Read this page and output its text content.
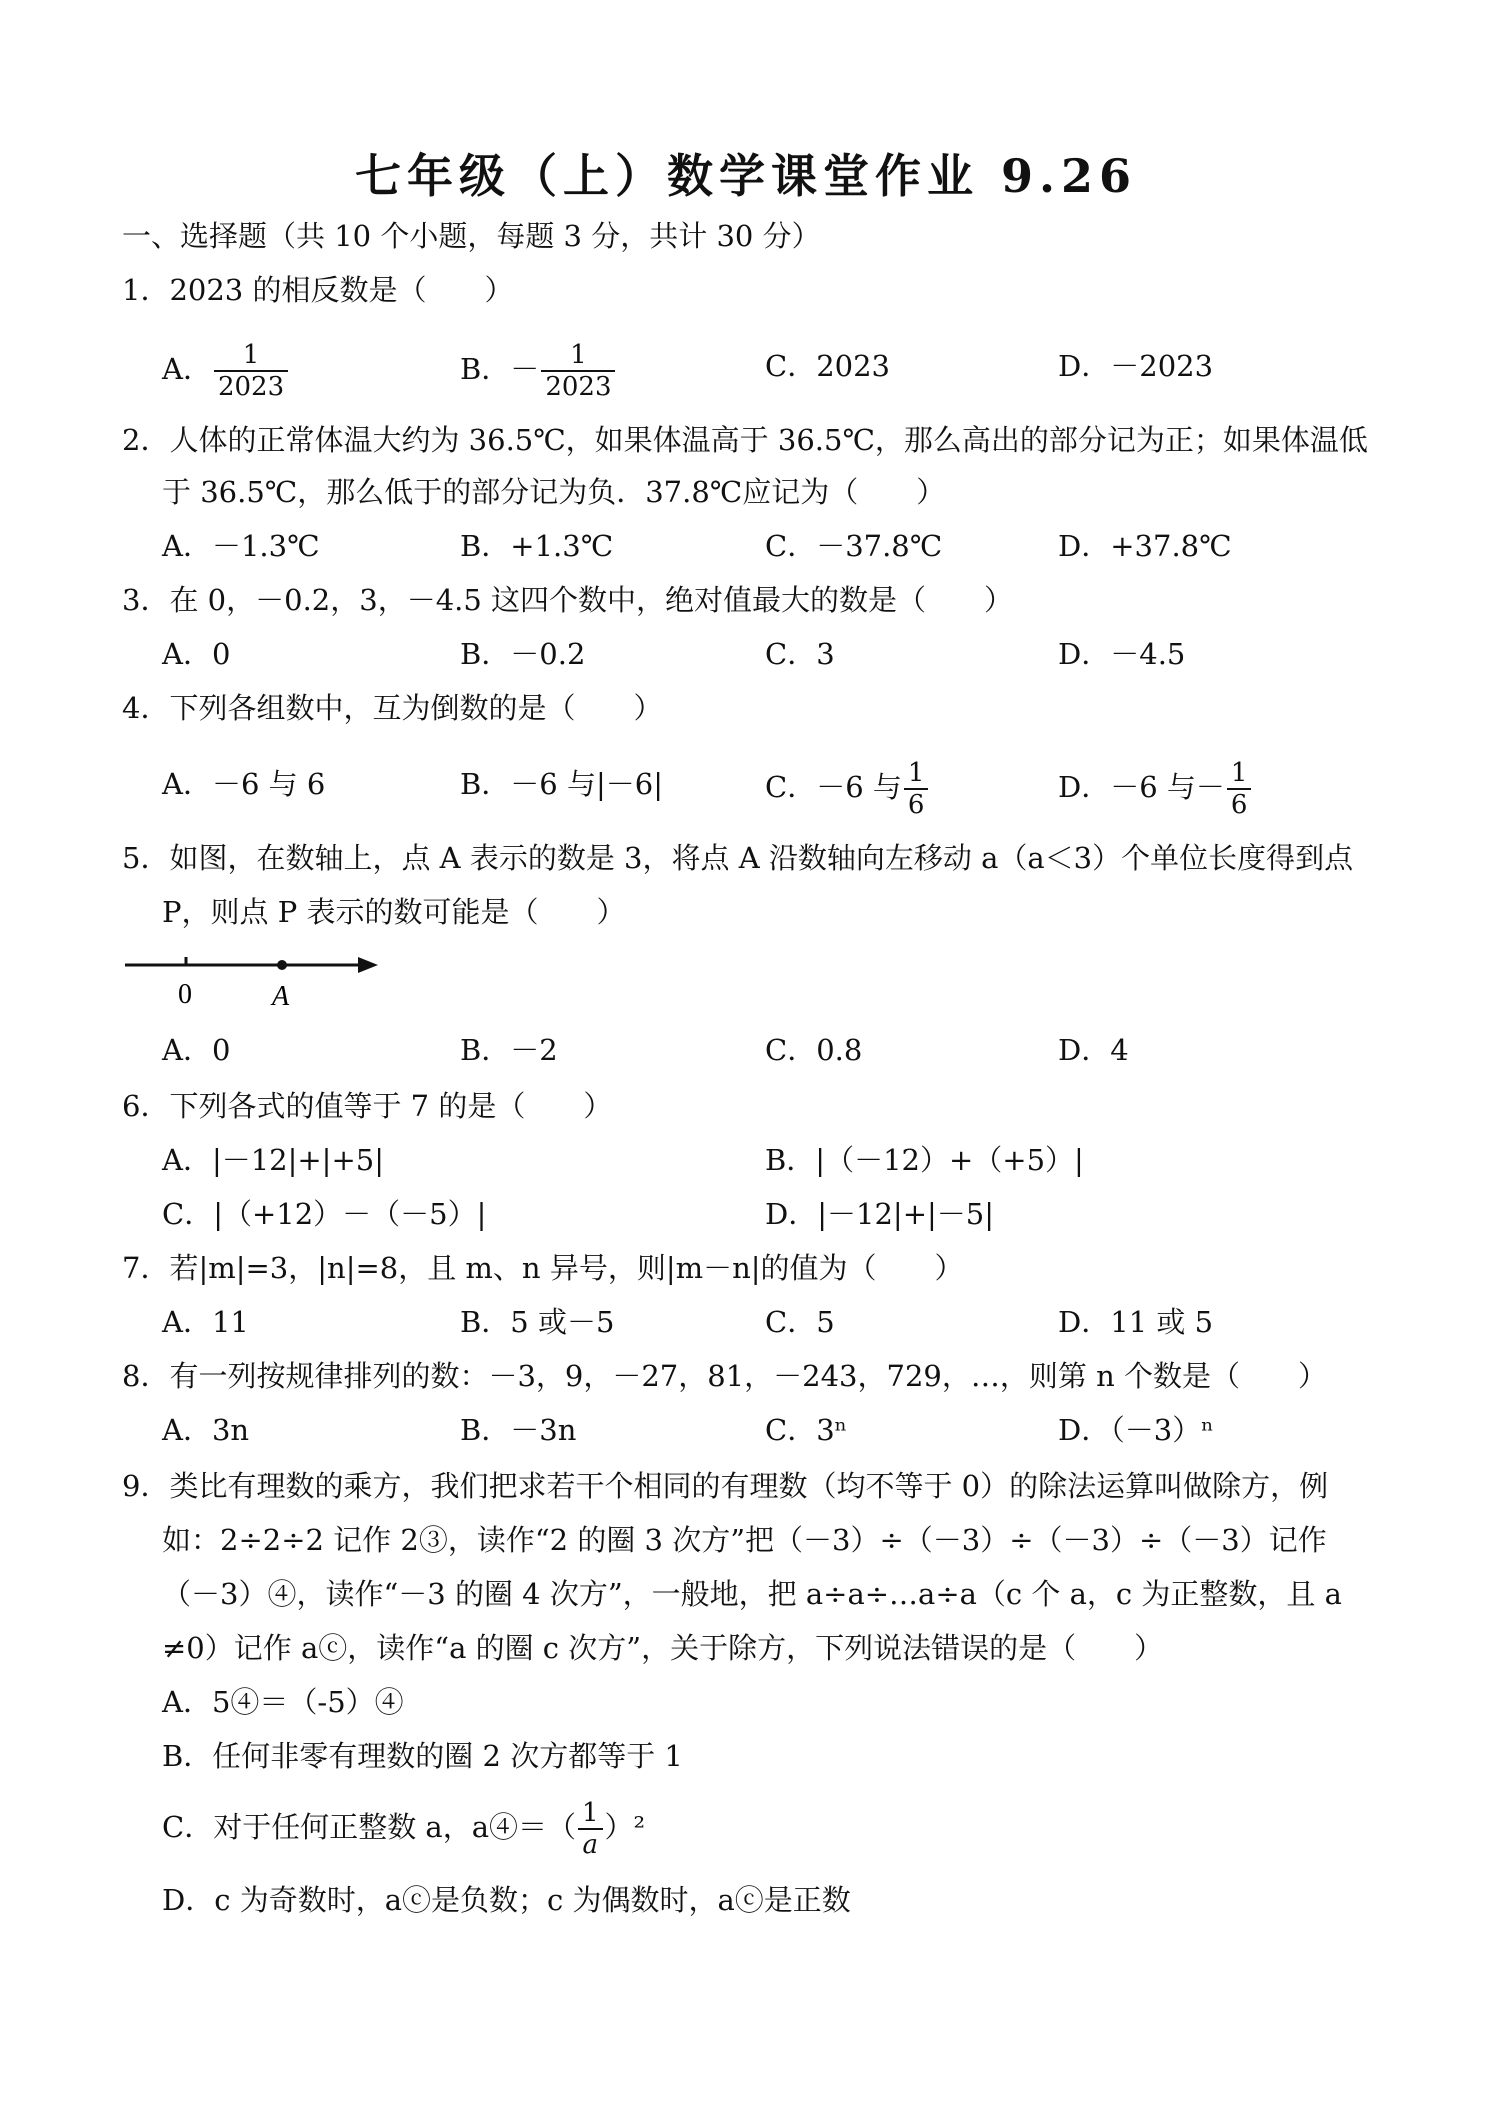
七年级（上）数学课堂作业 9.26
一、选择题（共 10 个小题，每题 3 分，共计 30 分）
1．2023 的相反数是（　　）
A． $\frac{1}{2023}$	B．－ $\frac{1}{2023}$	C．2023	D．－2023
2．人体的正常体温大约为 36.5℃，如果体温高于 36.5℃，那么高出的部分记为正；如果体温低
于 36.5℃，那么低于的部分记为负．37.8℃应记为（　　）
A．－1.3℃	B．+1.3℃	C．－37.8℃	D．+37.8℃
3．在 0，－0.2，3，－4.5 这四个数中，绝对值最大的数是（　　）
A．0	B．－0.2	C．3	D．－4.5
4．下列各组数中，互为倒数的是（　　）
A．－6 与 6	B．－6 与|－6|	C．－6 与 $\frac{1}{6}$	D．－6 与－ $\frac{1}{6}$
5．如图，在数轴上，点 A 表示的数是 3，将点 A 沿数轴向左移动 a（a＜3）个单位长度得到点
P，则点 P 表示的数可能是（　　）
0	A
A．0	B．－2	C．0.8	D．4
6．下列各式的值等于 7 的是（　　）
A．|－12|+|+5|	B．|（－12）+（+5）|
C．|（+12）－（－5）|	D．|－12|+|－5|
7．若|m|=3，|n|=8，且 m、n 异号，则|m－n|的值为（　　）
A．11	B．5 或－5	C．5	D．11 或 5
8．有一列按规律排列的数：－3，9，－27，81，－243，729，…，则第 n 个数是（　　）
A．3n	B．－3n	C．3ⁿ	D．（－3）ⁿ
9．类比有理数的乘方，我们把求若干个相同的有理数（均不等于 0）的除法运算叫做除方，例
如：2÷2÷2 记作 2③，读作“2 的圈 3 次方”把（－3）÷（－3）÷（－3）÷（－3）记作
（－3）④，读作“－3 的圈 4 次方”，一般地，把 a÷a÷…a÷a（c 个 a，c 为正整数，且 a
≠0）记作 aⓒ，读作“a 的圈 c 次方”，关于除方，下列说法错误的是（　　）
A．5④＝（-5）④
B．任何非零有理数的圈 2 次方都等于 1
C．对于任何正整数 a，a④＝（ $\frac{1}{a} )^2$
D．c 为奇数时，aⓒ是负数；c 为偶数时，aⓒ是正数
